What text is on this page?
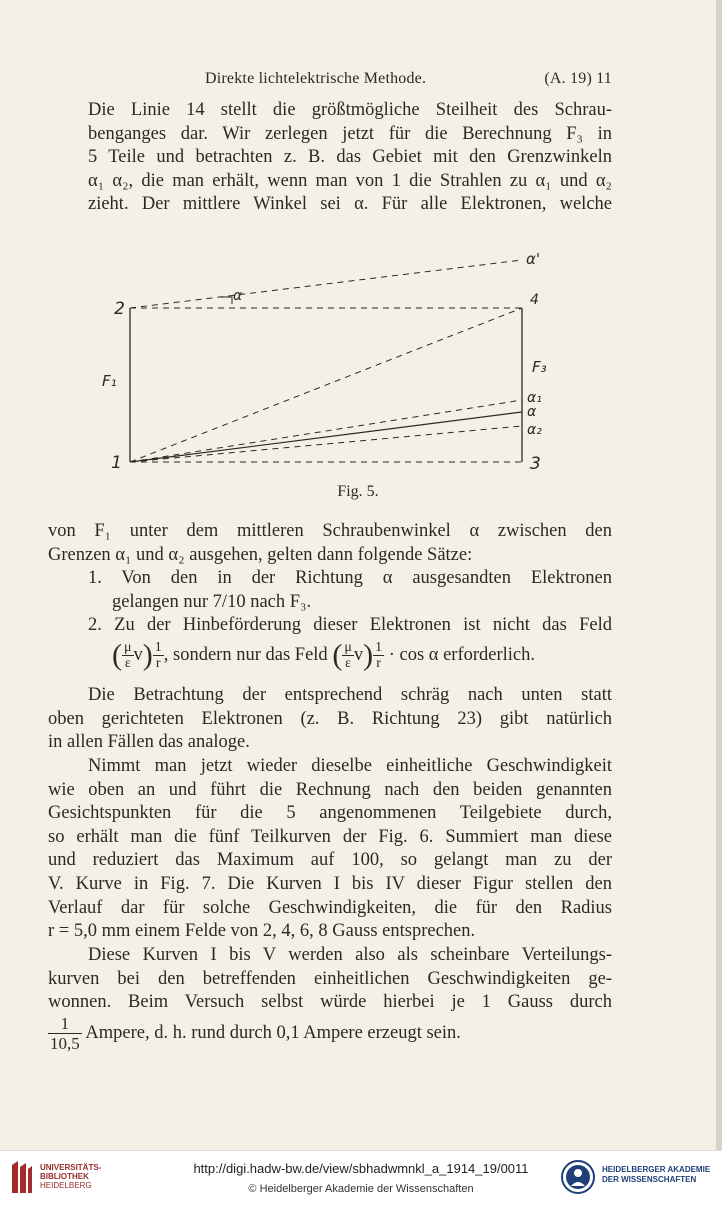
Direkte lichtelektrische Methode.	(A. 19) 11

Die Linie 14 stellt die größtmögliche Steilheit des Schrau-
benganges dar. Wir zerlegen jetzt für die Berechnung F₃ in
5 Teile und betrachten z. B. das Gebiet mit den Grenzwinkeln
α₁ α₂, die man erhält, wenn man von 1 die Strahlen zu α₁ und α₂
zieht. Der mittlere Winkel sei α. Für alle Elektronen, welche

1
2
3
4
F₁
F₃
α
α₁
α
α₂
α'
Fig. 5.
von F₁ unter dem mittleren Schraubenwinkel α zwischen den
Grenzen α₁ und α₂ ausgehen, gelten dann folgende Sätze:
1. Von den in der Richtung α ausgesandten Elektronen
gelangen nur 7/10 nach F₃.
2. Zu der Hinbeförderung dieser Elektronen ist nicht das Feld
( $\frac{\mu}{\varepsilon} v) \frac{1}{r}$ , sondern nur das Feld ( $\frac{\mu}{\varepsilon} v) \frac{1}{r} \cdot \cos \alpha$ erforderlich.
Die Betrachtung der entsprechend schräg nach unten statt
oben gerichteten Elektronen (z. B. Richtung 23) gibt natürlich
in allen Fällen das analoge.
Nimmt man jetzt wieder dieselbe einheitliche Geschwindigkeit
wie oben an und führt die Rechnung nach den beiden genannten
Gesichtspunkten für die 5 angenommenen Teilgebiete durch,
so erhält man die fünf Teilkurven der Fig. 6. Summiert man diese
und reduziert das Maximum auf 100, so gelangt man zu der
V. Kurve in Fig. 7. Die Kurven I bis IV dieser Figur stellen den
Verlauf dar für solche Geschwindigkeiten, die für den Radius
r = 5,0 mm einem Felde von 2, 4, 6, 8 Gauss entsprechen.
Diese Kurven I bis V werden also als scheinbare Verteilungs-
kurven bei den betreffenden einheitlichen Geschwindigkeiten ge-
wonnen. Beim Versuch selbst würde hierbei je 1 Gauss durch
$\frac{1}{10,5}$ Ampere, d. h. rund durch 0,1 Ampere erzeugt sein.
UNIVERSITÄTS-
BIBLIOTHEK
HEIDELBERG
http://digi.hadw-bw.de/view/sbhadwmnkl_a_1914_19/0011
© Heidelberger Akademie der Wissenschaften
HEIDELBERGER AKADEMIE
DER WISSENSCHAFTEN
